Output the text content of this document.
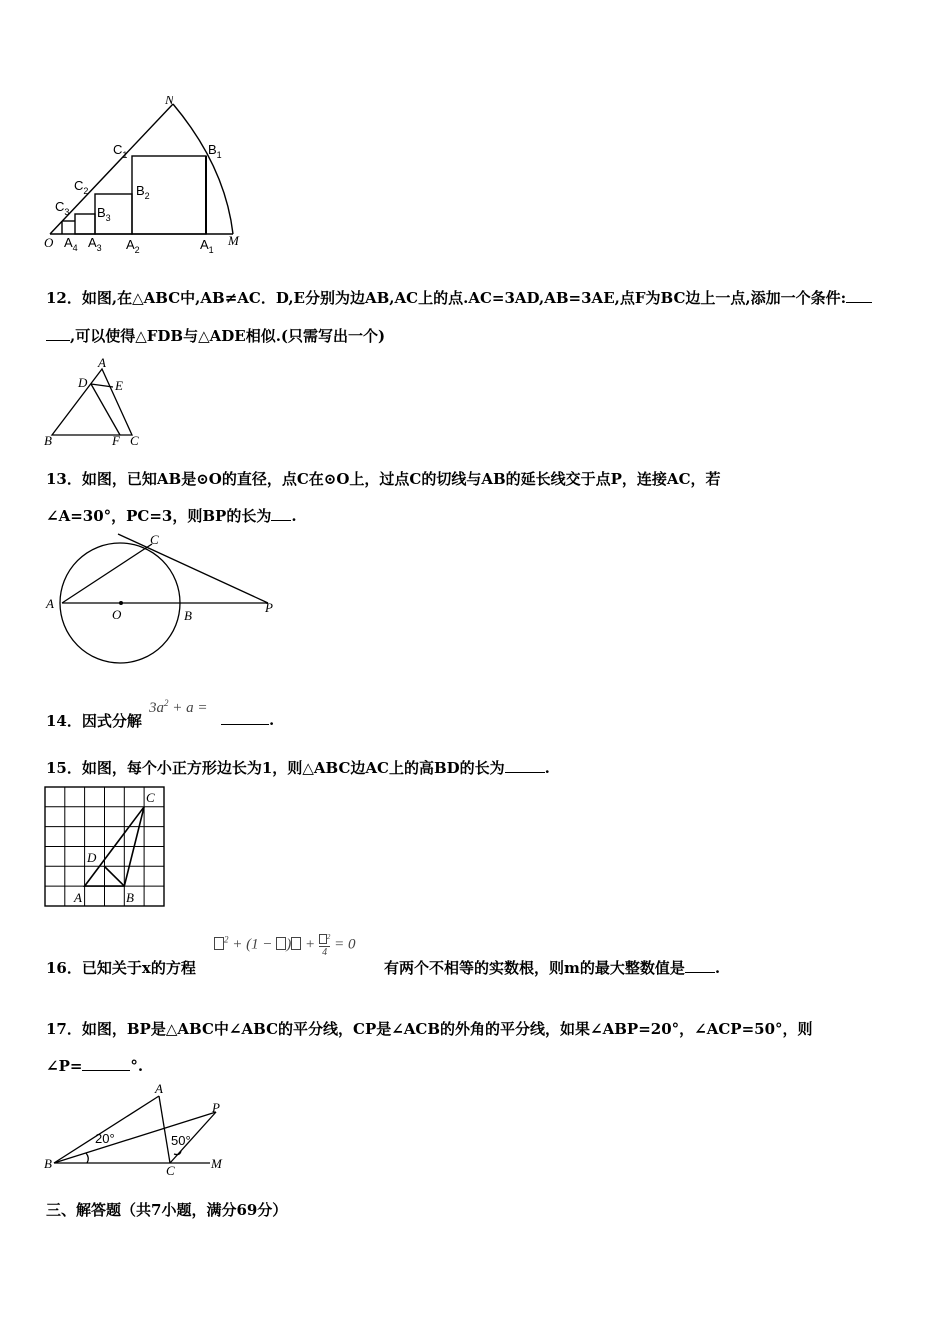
N
$C_1$	$B_1$
$C_2$	$B_2$
$C_3$ $B_3$
O $A_4$ $A_3$ $A_2$	$A_1$
M
12．如图,在△ABC中,AB≠AC．D,E分别为边AB,AC上的点.AC=3AD,AB=3AE,点F为BC边上一点,添加一个条件:
,可以使得△FDB与△ADE相似.(只需写出一个)
A
D E
B	F C
13．如图，已知AB是⊙O的直径，点C在⊙O上，过点C的切线与AB的延长线交于点P，连接AC，若
∠A=30°，PC=3，则BP的长为 .
C
A
O	B
P
14．因式分解
$3a^2 + a$ =
.
15．如图，每个小正方形边长为1，则△ABC边AC上的高BD的长为	.
C
D
A	B
16．已知关于x的方程
$^2$ + (1 − ) + $\frac{^2}{4} = 0$
有两个不相等的实数根，则m的最大整数值是 .
17．如图，BP是△ABC中∠ABC的平分线，CP是∠ACB的外角的平分线，如果∠ABP=20°，∠ACP=50°，则
∠P=	°.
A
P
20°	50°
B	C	M
三、解答题（共7小题，满分69分）
